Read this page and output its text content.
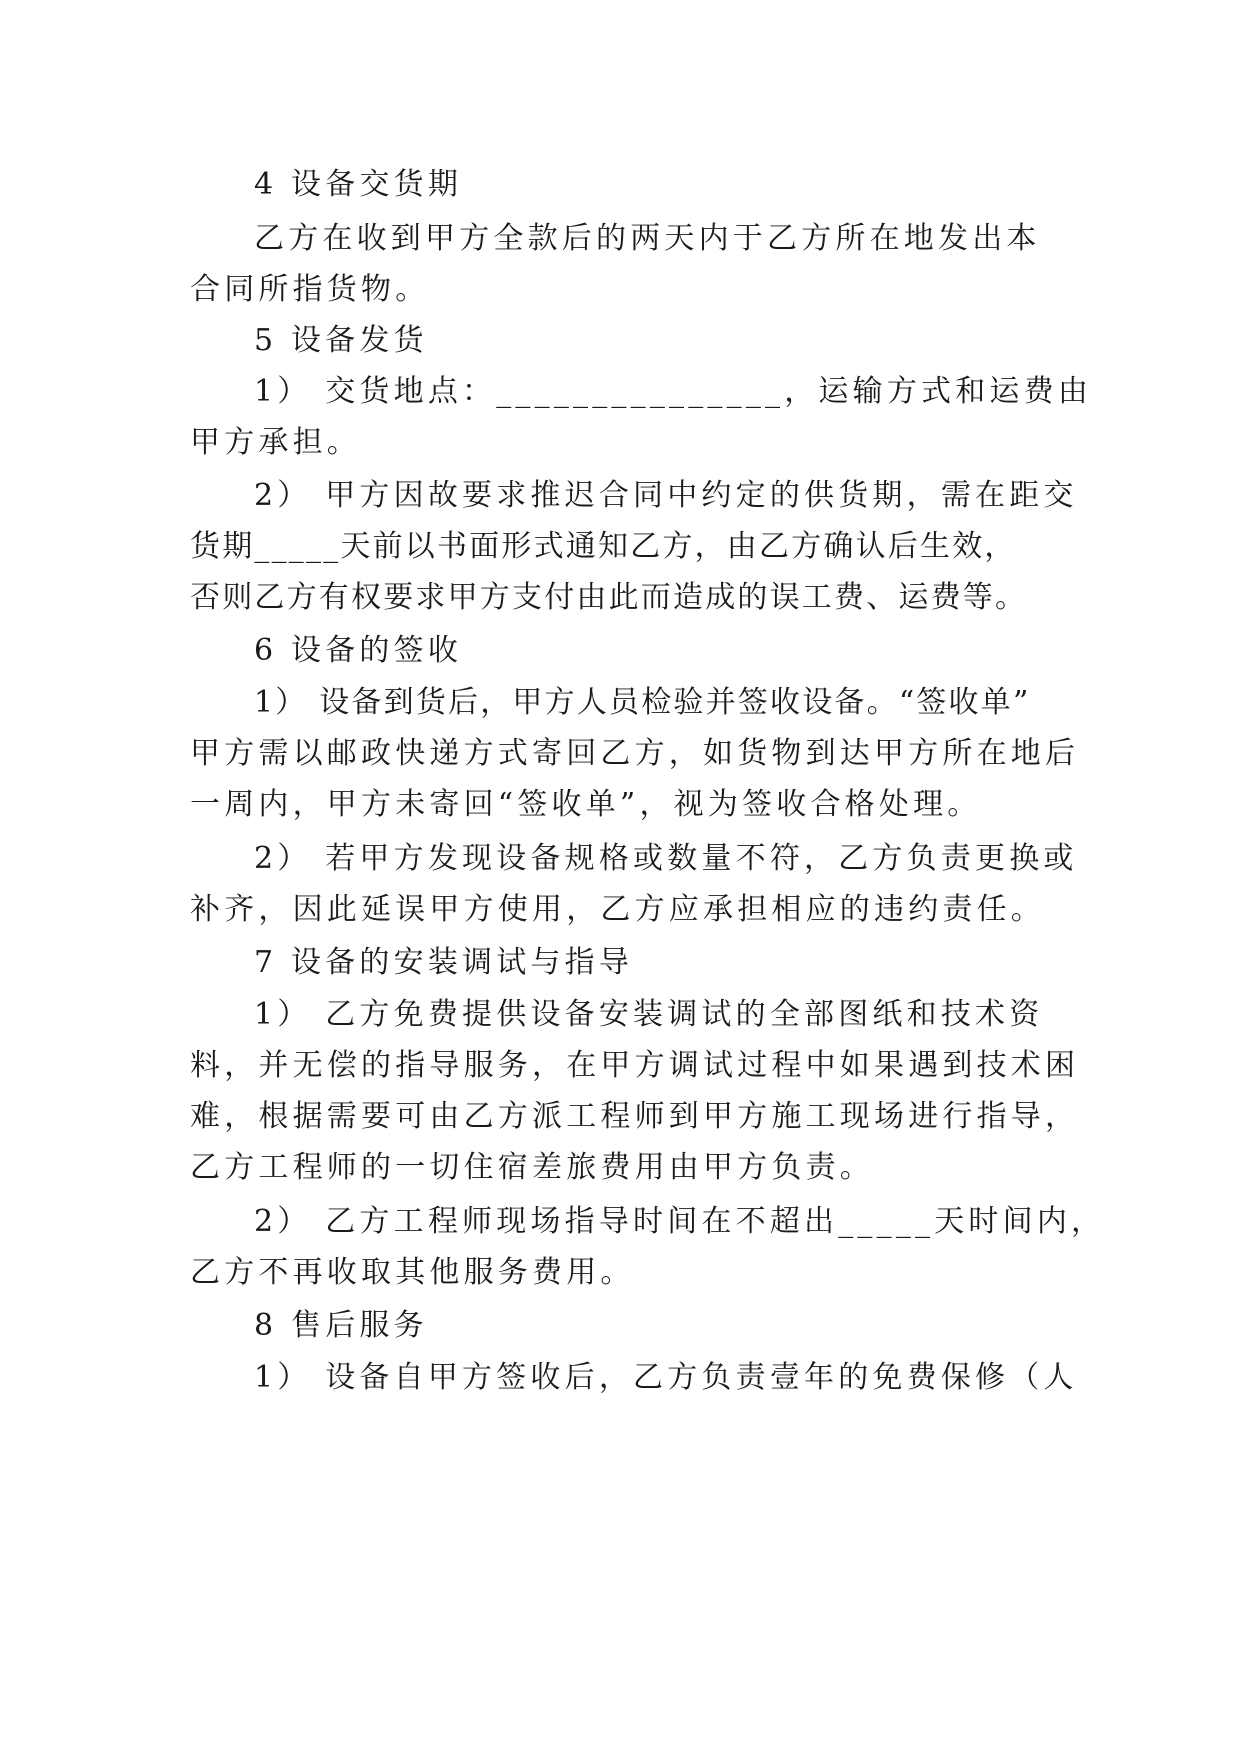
4 设备交货期
乙方在收到甲方全款后的两天内于乙方所在地发出本
合同所指货物。
5 设备发货
1） 交货地点：_______________，运输方式和运费由
甲方承担。
2） 甲方因故要求推迟合同中约定的供货期，需在距交
货期_____天前以书面形式通知乙方，由乙方确认后生效，
否则乙方有权要求甲方支付由此而造成的误工费、运费等。
6 设备的签收
1） 设备到货后，甲方人员检验并签收设备。“签收单”
甲方需以邮政快递方式寄回乙方，如货物到达甲方所在地后
一周内，甲方未寄回“签收单”，视为签收合格处理。
2） 若甲方发现设备规格或数量不符，乙方负责更换或
补齐，因此延误甲方使用，乙方应承担相应的违约责任。
7 设备的安装调试与指导
1） 乙方免费提供设备安装调试的全部图纸和技术资
料，并无偿的指导服务，在甲方调试过程中如果遇到技术困
难，根据需要可由乙方派工程师到甲方施工现场进行指导，
乙方工程师的一切住宿差旅费用由甲方负责。
2） 乙方工程师现场指导时间在不超出_____天时间内，
乙方不再收取其他服务费用。
8 售后服务
1） 设备自甲方签收后，乙方负责壹年的免费保修（人
